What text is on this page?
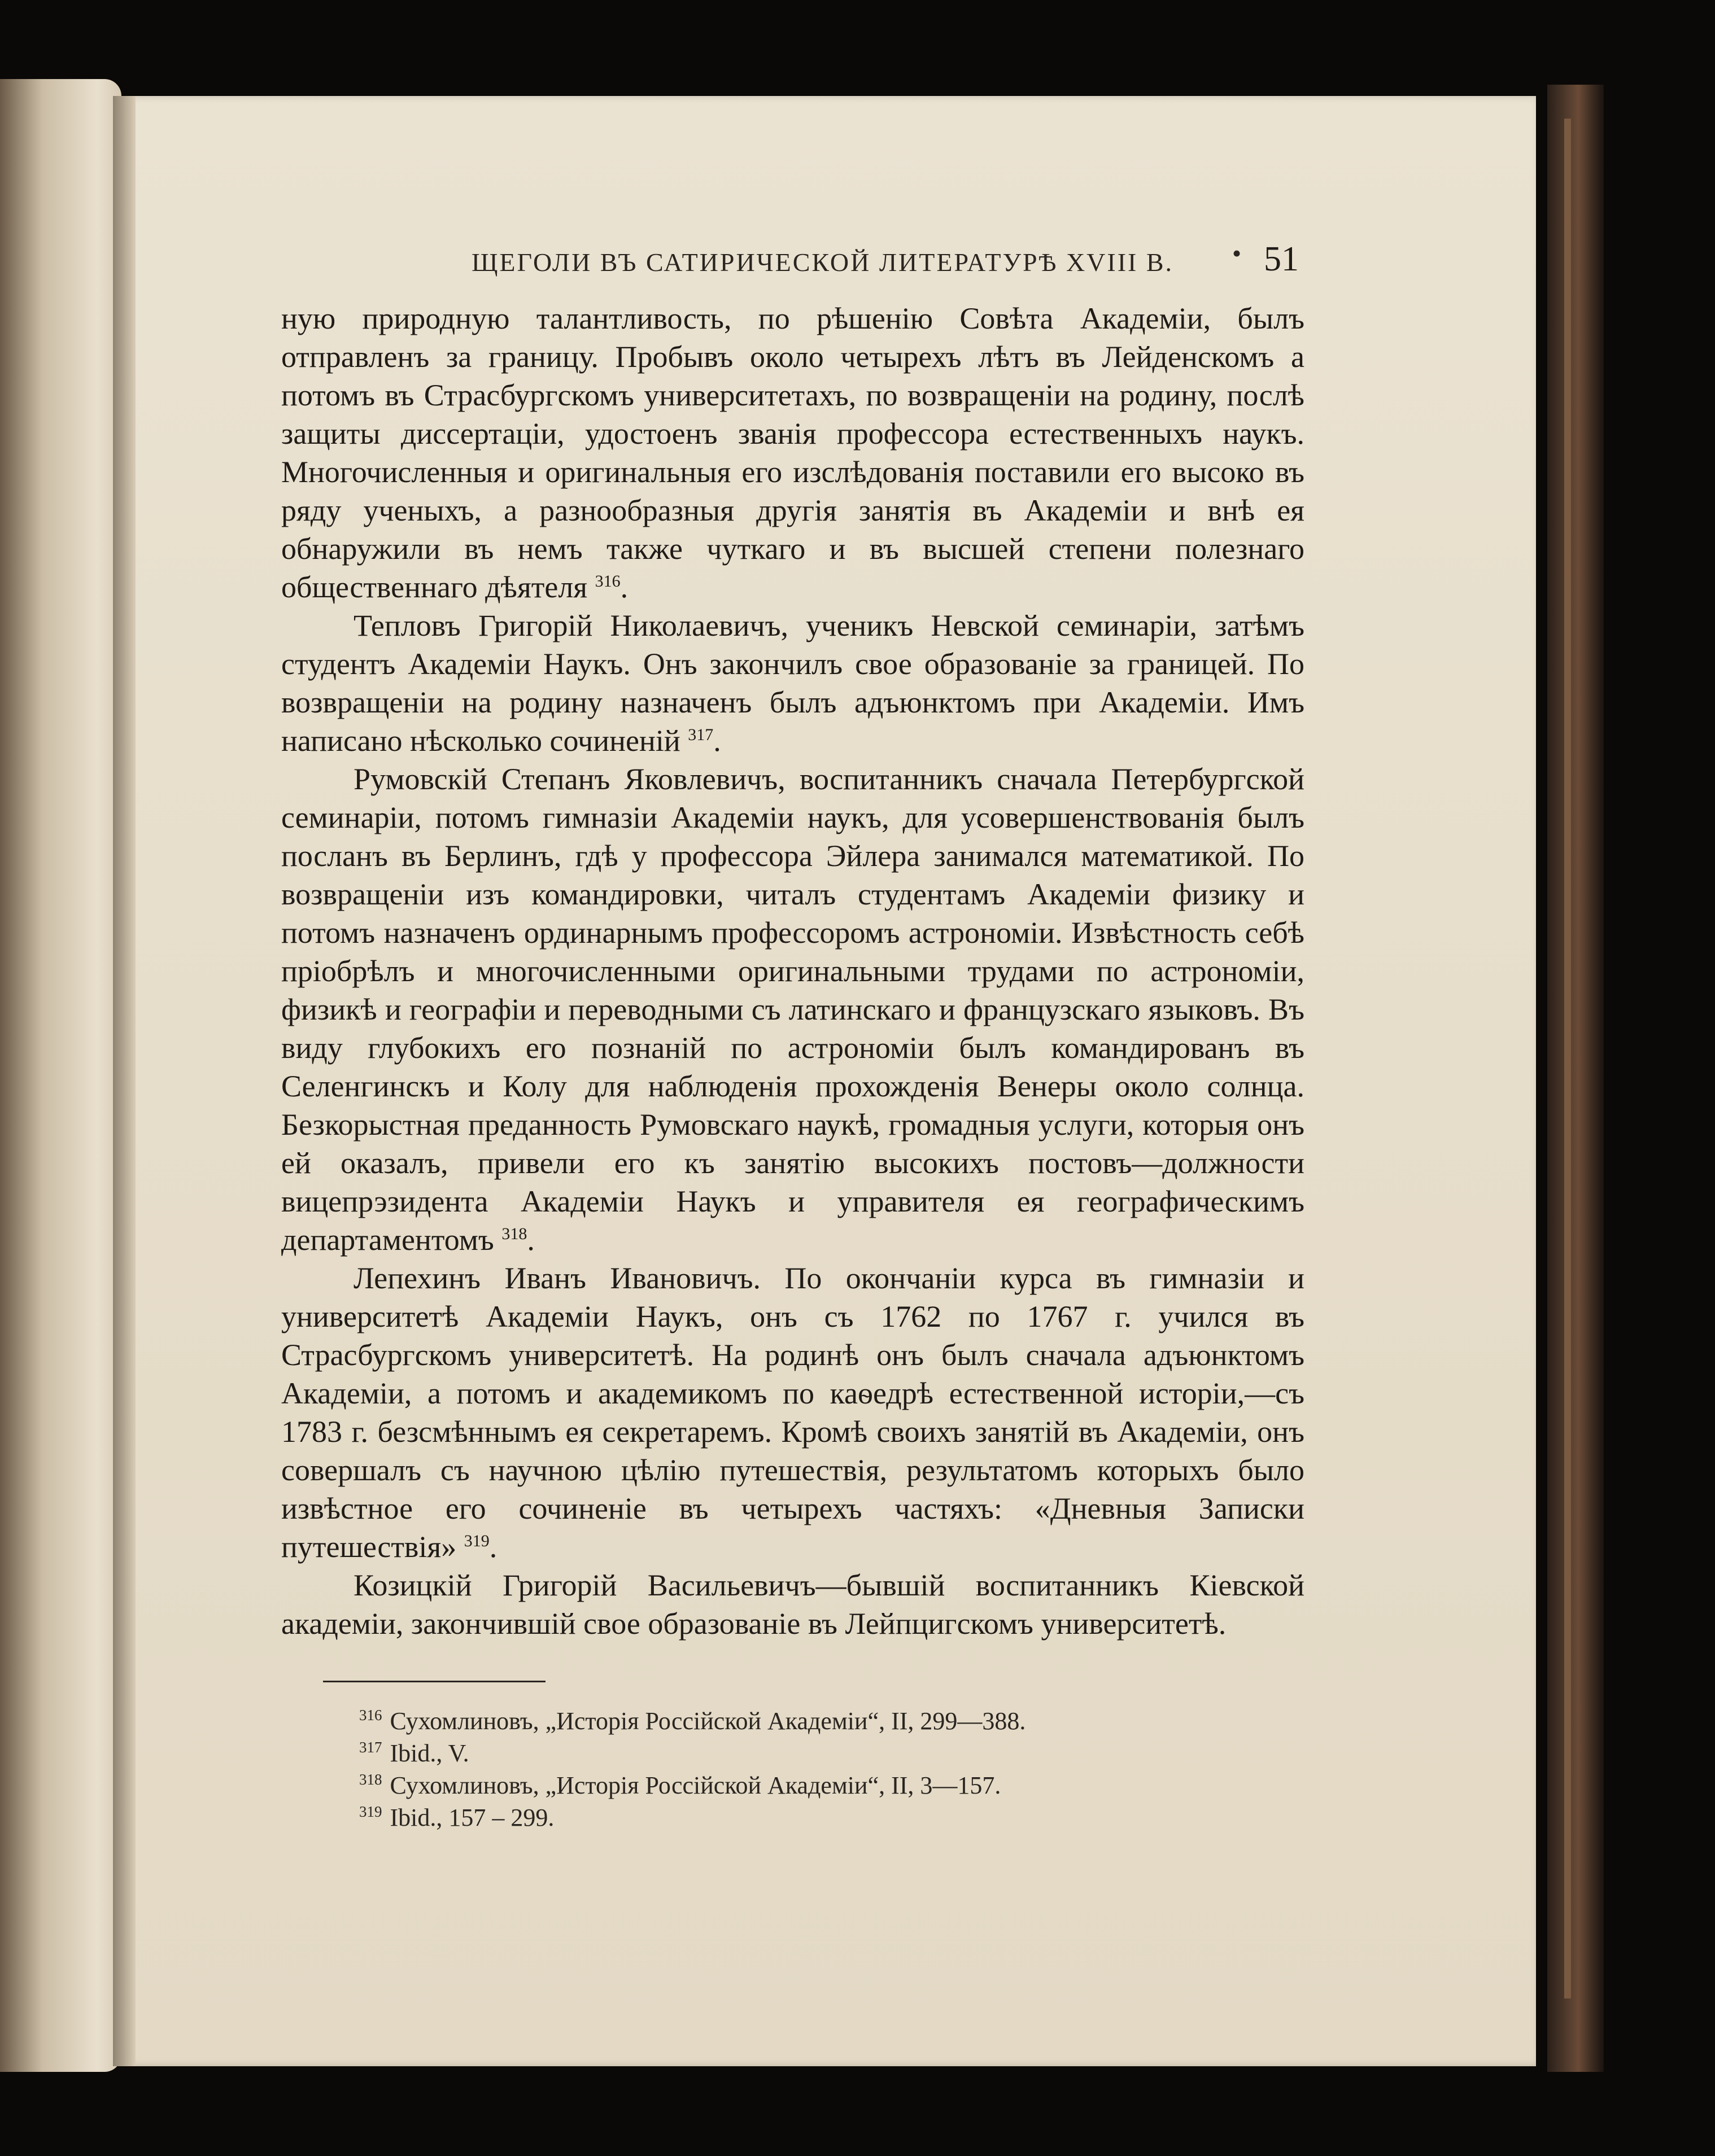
ЩЕГОЛИ ВЪ САТИРИЧЕСКОЙ ЛИТЕРАТУРѢ XVIII В. • 51

ную природную талантливость, по рѣшенію Совѣта Академіи, былъ отправленъ за границу. Пробывъ около четырехъ лѣтъ въ Лейденскомъ а потомъ въ Страсбургскомъ университетахъ, по возвращеніи на родину, послѣ защиты диссертаціи, удостоенъ званія профессора естественныхъ наукъ. Многочисленныя и оригинальныя его изслѣдованія поставили его высоко въ ряду ученыхъ, а разнообразныя другія занятія въ Академіи и внѣ ея обнаружили въ немъ также чуткаго и въ высшей степени полезнаго общественнаго дѣятеля $^{316}$.

Тепловъ Григорій Николаевичъ, ученикъ Невской семинаріи, затѣмъ студентъ Академіи Наукъ. Онъ закончилъ свое образованіе за границей. По возвращеніи на родину назначенъ былъ адъюнктомъ при Академіи. Имъ написано нѣсколько сочиненій $^{317}$.

Румовскій Степанъ Яковлевичъ, воспитанникъ сначала Петербургской семинаріи, потомъ гимназіи Академіи наукъ, для усовершенствованія былъ посланъ въ Берлинъ, гдѣ у профессора Эйлера занимался математикой. По возвращеніи изъ командировки, читалъ студентамъ Академіи физику и потомъ назначенъ ординарнымъ профессоромъ астрономіи. Извѣстность себѣ пріобрѣлъ и многочисленными оригинальными трудами по астрономіи, физикѣ и географіи и переводными съ латинскаго и французскаго языковъ. Въ виду глубокихъ его познаній по астрономіи былъ командированъ въ Селенгинскъ и Колу для наблюденія прохожденія Венеры около солнца. Безкорыстная преданность Румовскаго наукѣ, громадныя услуги, которыя онъ ей оказалъ, привели его къ занятію высокихъ постовъ—должности вицепрэзидента Академіи Наукъ и управителя ея географическимъ департаментомъ $^{318}$.

Лепехинъ Иванъ Ивановичъ. По окончаніи курса въ гимназіи и университетѣ Академіи Наукъ, онъ съ 1762 по 1767 г. учился въ Страсбургскомъ университетѣ. На родинѣ онъ былъ сначала адъюнктомъ Академіи, а потомъ и академикомъ по каѳедрѣ естественной исторіи,—съ 1783 г. безсмѣннымъ ея секретаремъ. Кромѣ своихъ занятій въ Академіи, онъ совершалъ съ научною цѣлію путешествія, результатомъ которыхъ было извѣстное его сочиненіе въ четырехъ частяхъ: «Дневныя Записки путешествія» $^{319}$.

Козицкій Григорій Васильевичъ—бывшій воспитанникъ Кіевской академіи, закончившій свое образованіе въ Лейпцигскомъ университетѣ.

$^{316}$ Сухомлиновъ, „Исторія Россійской Академіи“, II, 299—388.
$^{317}$ Ibid., V.
$^{318}$ Сухомлиновъ, „Исторія Россійской Академіи“, II, 3—157.
$^{319}$ Ibid., 157 – 299.
